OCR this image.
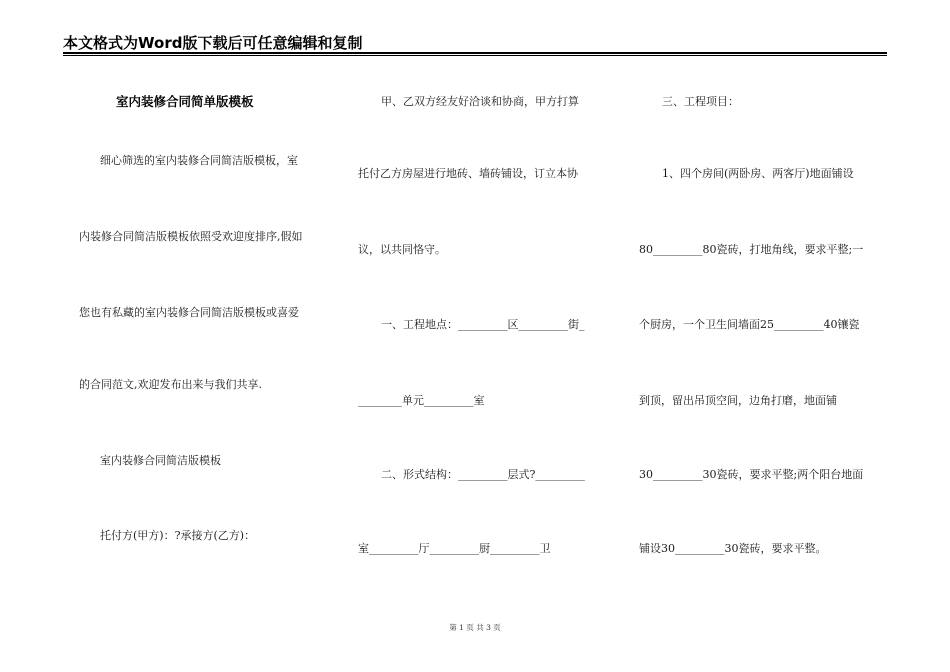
本文格式为Word版下载后可任意编辑和复制
室内装修合同简单版模板
细心筛选的室内装修合同简洁版模板，室
内装修合同简洁版模板依照受欢迎度排序,假如
您也有私藏的室内装修合同简洁版模板或喜爱
的合同范文,欢迎发布出来与我们共享.
室内装修合同简洁版模板
托付方(甲方)：?承接方(乙方)：
甲、乙双方经友好洽谈和协商，甲方打算
托付乙方房屋进行地砖、墙砖铺设，订立本协
议，以共同恪守。
一、工程地点：_________区_________街_
________单元_________室
二、形式结构：_________层式?_________
室_________厅_________厨_________卫
三、工程项目：
1、四个房间(两卧房、两客厅)地面铺设
80_________80瓷砖，打地角线，要求平整;一
个厨房，一个卫生间墙面25_________40镶瓷
到顶，留出吊顶空间，边角打磨，地面铺
30_________30瓷砖，要求平整;两个阳台地面
铺设30_________30瓷砖，要求平整。
第 1 页 共 3 页
